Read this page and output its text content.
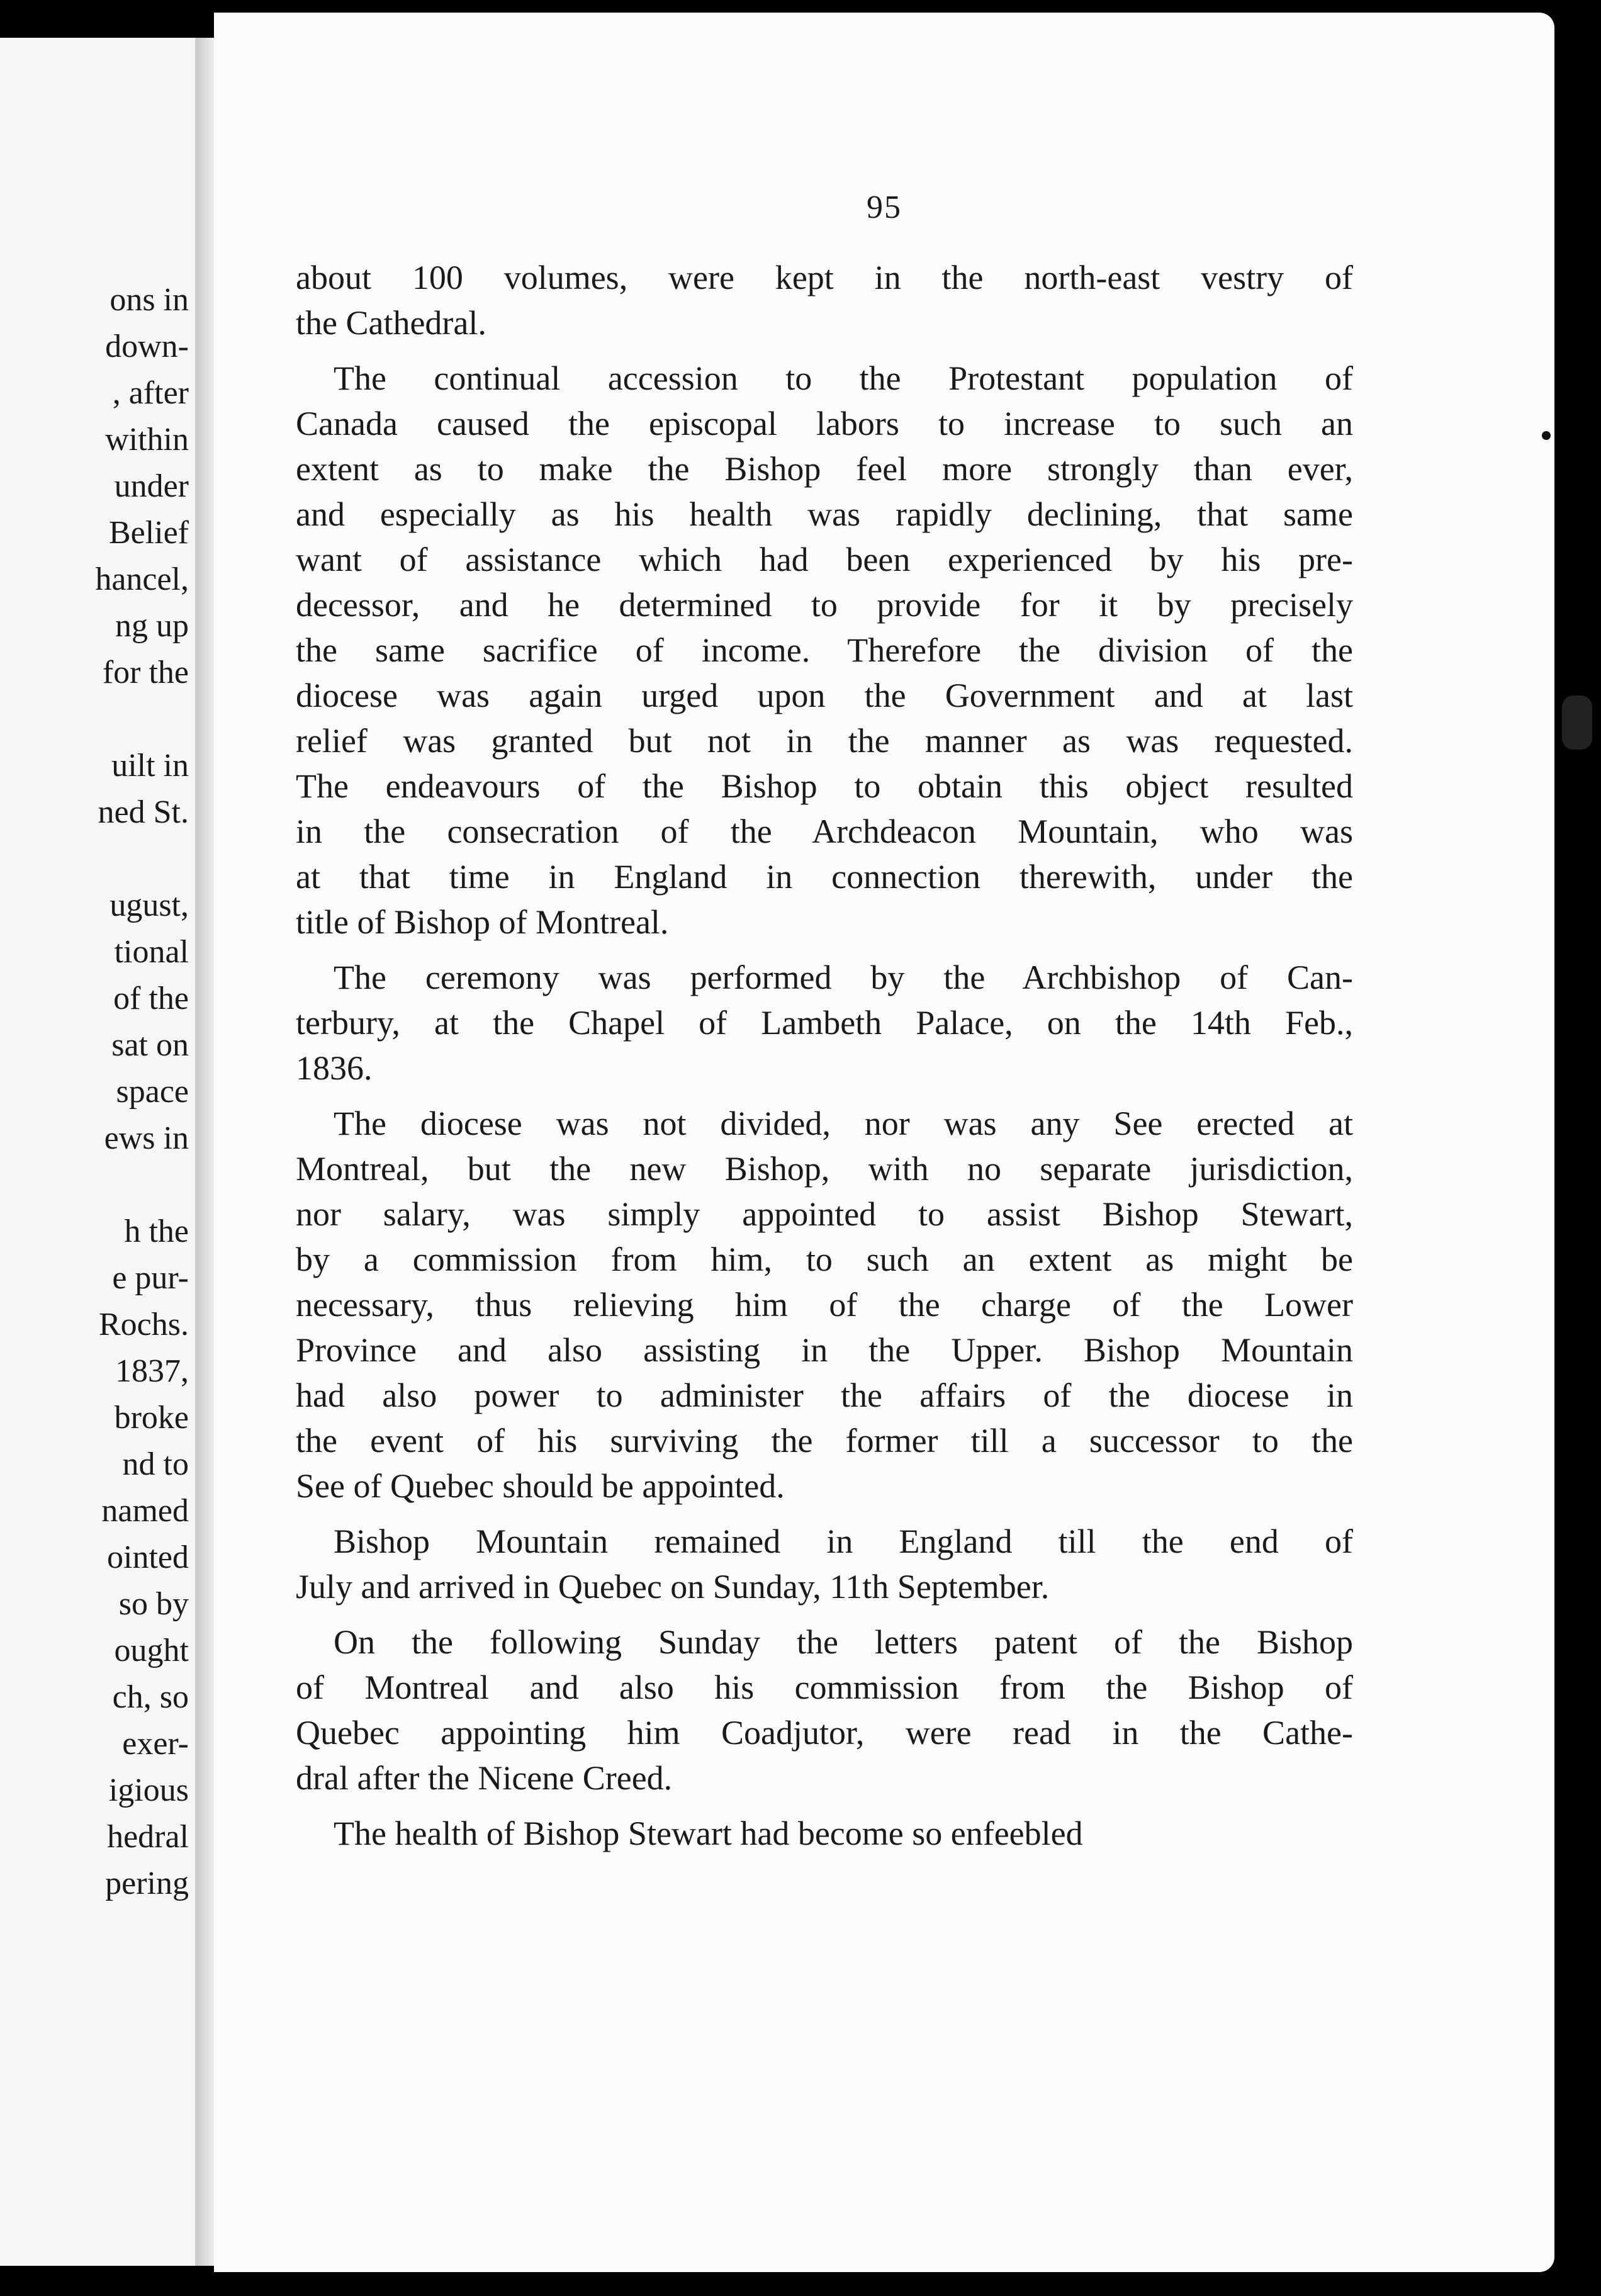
ons in
down-
, after
within
under
Belief
hancel,
ng up
for the
uilt in
ned St.
ugust,
tional
of the
sat on
space
ews in
h the
e pur-
Rochs.
1837,
broke
nd to
named
ointed
so by
ought
ch, so
exer-
igious
hedral
pering
95
about 100 volumes, were kept in the north-east vestry of
the Cathedral.
The continual accession to the Protestant population of
Canada caused the episcopal labors to increase to such an
extent as to make the Bishop feel more strongly than ever,
and especially as his health was rapidly declining, that same
want of assistance which had been experienced by his pre-
decessor, and he determined to provide for it by precisely
the same sacrifice of income. Therefore the division of the
diocese was again urged upon the Government and at last
relief was granted but not in the manner as was requested.
The endeavours of the Bishop to obtain this object resulted
in the consecration of the Archdeacon Mountain, who was
at that time in England in connection therewith, under the
title of Bishop of Montreal.
The ceremony was performed by the Archbishop of Can-
terbury, at the Chapel of Lambeth Palace, on the 14th Feb.,
1836.
The diocese was not divided, nor was any See erected at
Montreal, but the new Bishop, with no separate jurisdiction,
nor salary, was simply appointed to assist Bishop Stewart,
by a commission from him, to such an extent as might be
necessary, thus relieving him of the charge of the Lower
Province and also assisting in the Upper. Bishop Mountain
had also power to administer the affairs of the diocese in
the event of his surviving the former till a successor to the
See of Quebec should be appointed.
Bishop Mountain remained in England till the end of
July and arrived in Quebec on Sunday, 11th September.
On the following Sunday the letters patent of the Bishop
of Montreal and also his commission from the Bishop of
Quebec appointing him Coadjutor, were read in the Cathe-
dral after the Nicene Creed.
The health of Bishop Stewart had become so enfeebled
